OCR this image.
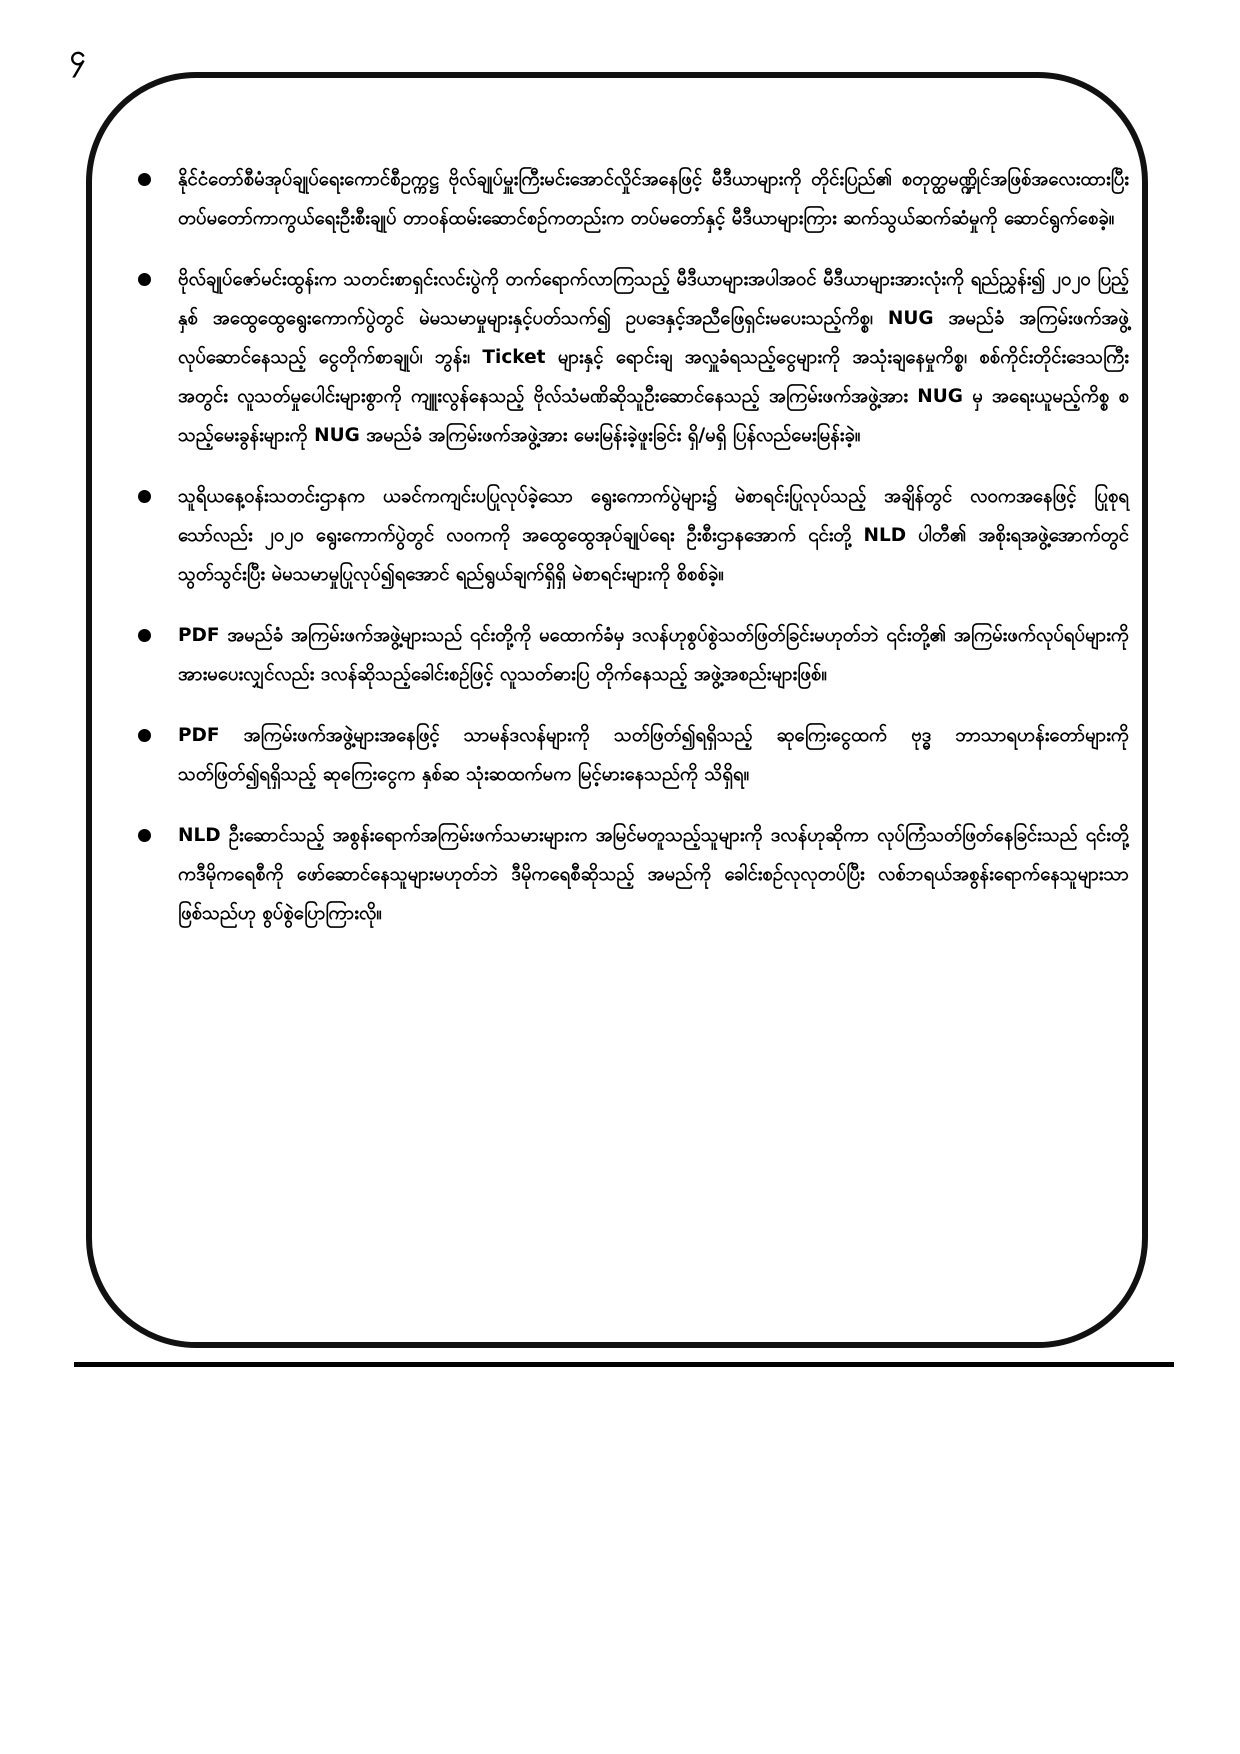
၄
နိုင်ငံတော်စီမံအုပ်ချုပ်ရေးကောင်စီဥက္ကဋ္ဌ ဗိုလ်ချုပ်မှူးကြီးမင်းအောင်လှိုင်အနေဖြင့် မီဒီယာများကို တိုင်းပြည်၏ စတုတ္ထမဏ္ဍိုင်အဖြစ်အလေးထားပြီး တပ်မတော်ကာကွယ်ရေးဦးစီးချုပ် တာဝန်ထမ်းဆောင်စဉ်ကတည်းက တပ်မတော်နှင့် မီဒီယာများကြား ဆက်သွယ်ဆက်ဆံမှုကို ဆောင်ရွက်စေခဲ့။
ဗိုလ်ချုပ်ဇော်မင်းထွန်းက သတင်းစာရှင်းလင်းပွဲကို တက်ရောက်လာကြသည့် မီဒီယာများအပါအဝင် မီဒီယာများအားလုံးကို ရည်ညွှန်း၍ ၂၀၂၀ ပြည့်နှစ် အထွေထွေရွေးကောက်ပွဲတွင် မဲမသမာမှုများနှင့်ပတ်သက်၍ ဥပဒေနှင့်အညီဖြေရှင်းမပေးသည့်ကိစ္စ၊ NUG အမည်ခံ အကြမ်းဖက်အဖွဲ့လုပ်ဆောင်နေသည့် ငွေတိုက်စာချုပ်၊ ဘွန်း၊ Ticket များနှင့် ရောင်းချ အလှူခံရသည့်ငွေများကို အသုံးချနေမှုကိစ္စ၊ စစ်ကိုင်းတိုင်းဒေသကြီးအတွင်း လူသတ်မှုပေါင်းများစွာကို ကျူးလွန်နေသည့် ဗိုလ်သံမဏိဆိုသူဦးဆောင်နေသည့် အကြမ်းဖက်အဖွဲ့အား NUG မှ အရေးယူမည့်ကိစ္စ စသည့်မေးခွန်းများကို NUG အမည်ခံ အကြမ်းဖက်အဖွဲ့အား မေးမြန်းခဲ့ဖူးခြင်း ရှိ/မရှိ ပြန်လည်မေးမြန်းခဲ့။
သူရိယနေ့ဝန်းသတင်းဌာနက ယခင်ကကျင်းပပြုလုပ်ခဲ့သော ရွေးကောက်ပွဲများ၌ မဲစာရင်းပြုလုပ်သည့် အချိန်တွင် လဝကအနေဖြင့် ပြုစုရသော်လည်း ၂၀၂၀ ရွေးကောက်ပွဲတွင် လဝကကို အထွေထွေအုပ်ချုပ်ရေး ဦးစီးဌာနအောက် ၎င်းတို့ NLD ပါတီ၏ အစိုးရအဖွဲ့အောက်တွင် သွတ်သွင်းပြီး မဲမသမာမှုပြုလုပ်၍ရအောင် ရည်ရွယ်ချက်ရှိရှိ မဲစာရင်းများကို စိစစ်ခဲ့။
PDF အမည်ခံ အကြမ်းဖက်အဖွဲ့များသည် ၎င်းတို့ကို မထောက်ခံမှ ဒလန်ဟုစွပ်စွဲသတ်ဖြတ်ခြင်းမဟုတ်ဘဲ ၎င်းတို့၏ အကြမ်းဖက်လုပ်ရပ်များကို အားမပေးလျှင်လည်း ဒလန်ဆိုသည့်ခေါင်းစဉ်ဖြင့် လူသတ်ဓားပြ တိုက်နေသည့် အဖွဲ့အစည်းများဖြစ်။
PDF အကြမ်းဖက်အဖွဲ့များအနေဖြင့် သာမန်ဒလန်များကို သတ်ဖြတ်၍ရရှိသည့် ဆုကြေးငွေထက် ဗုဒ္ဓ ဘာသာရဟန်းတော်များကို သတ်ဖြတ်၍ရရှိသည့် ဆုကြေးငွေက နှစ်ဆ သုံးဆထက်မက မြင့်မားနေသည်ကို သိရှိရ။
NLD ဦးဆောင်သည့် အစွန်းရောက်အကြမ်းဖက်သမားများက အမြင်မတူသည့်သူများကို ဒလန်ဟုဆိုကာ လုပ်ကြံသတ်ဖြတ်နေခြင်းသည် ၎င်းတို့ကဒီမိုကရေစီကို ဖော်ဆောင်နေသူများမဟုတ်ဘဲ ဒီမိုကရေစီဆိုသည့် အမည်ကို ခေါင်းစဉ်လုလုတပ်ပြီး လစ်ဘရယ်အစွန်းရောက်နေသူများသာဖြစ်သည်ဟု စွပ်စွဲပြောကြားလို။
